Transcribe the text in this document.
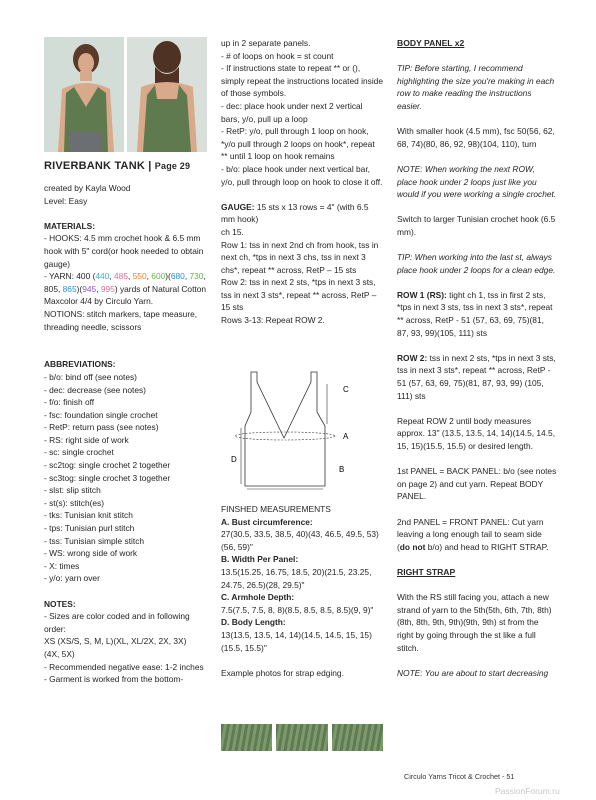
RIVERBANK TANK | Page 29

created by Kayla Wood

Level: Easy

MATERIALS:

- HOOKS: 4.5 mm crochet hook & 6.5 mm hook with 5" cord(or hook needed to obtain gauge)

- YARN: 400 (440, 485, 550, 600)(680, 730, 805, 865)(945, 995) yards of Natural Cotton Maxcolor 4/4 by Circulo Yarn.

NOTIONS: stitch markers, tape measure, threading needle, scissors

ABBREVIATIONS:

- b/o: bind off (see notes)

- dec: decrease (see notes)

- f/o: finish off

- fsc: foundation single crochet

- RetP: return pass (see notes)

- RS: right side of work

- sc: single crochet

- sc2tog: single crochet 2 together

- sc3tog: single crochet 3 together

- slst: slip stitch

- st(s): stitch(es)

- tks: Tunisian knit stitch

- tps: Tunisian purl stitch

- tss: Tunisian simple stitch

- WS: wrong side of work

- X: times

- y/o: yarn over

NOTES:

- Sizes are color coded and in following order:

XS (XS/S, S, M, L)(XL, XL/2X, 2X, 3X)

(4X, 5X)

- Recommended negative ease: 1-2 inches

- Garment is worked from the bottom-

up in 2 separate panels.

- # of loops on hook = st count

- If instructions state to repeat ** or (), simply repeat the instructions located inside of those symbols.

- dec: place hook under next 2 vertical bars, y/o, pull up a loop

- RetP: y/o, pull through 1 loop on hook, *y/o pull through 2 loops on hook*, repeat ** until 1 loop on hook remains

- b/o: place hook under next vertical bar, y/o, pull through loop on hook to close it off.

GAUGE: 15 sts x 13 rows = 4" (with 6.5 mm hook)

ch 15.

Row 1: tss in next 2nd ch from hook, tss in next ch, *tps in next 3 chs, tss in next 3 chs*, repeat ** across, RetP – 15 sts

Row 2: tss in next 2 sts, *tps in next 3 sts, tss in next 3 sts*, repeat ** across, RetP – 15 sts

Rows 3-13: Repeat ROW 2.

C
A
D
B

FINSHED MEASUREMENTS

A. Bust circumference:

27(30.5, 33.5, 38.5, 40)(43, 46.5, 49.5, 53)(56, 59)"

B. Width Per Panel:

13.5(15.25, 16.75, 18.5, 20)(21.5, 23.25, 24.75, 26.5)(28, 29.5)"

C. Armhole Depth:

7.5(7.5, 7.5, 8, 8)(8.5, 8.5, 8.5, 8.5)(9, 9)"

D. Body Length:

13(13.5, 13.5, 14, 14)(14.5, 14.5, 15, 15) (15.5, 15.5)"

Example photos for strap edging.

BODY PANEL x2

TIP: Before starting, I recommend highlighting the size you're making in each row to make reading the instructions easier.

With smaller hook (4.5 mm), fsc 50(56, 62, 68, 74)(80, 86, 92, 98)(104, 110), turn

NOTE: When working the next ROW, place hook under 2 loops just like you would if you were working a single crochet.

Switch to larger Tunisian crochet hook (6.5 mm).

TIP: When working into the last st, always place hook under 2 loops for a clean edge.

ROW 1 (RS): tight ch 1, tss in first 2 sts, *tps in next 3 sts, tss in next 3 sts*, repeat ** across, RetP - 51 (57, 63, 69, 75)(81, 87, 93, 99)(105, 111) sts

ROW 2: tss in next 2 sts, *tps in next 3 sts, tss in next 3 sts*, repeat ** across, RetP - 51 (57, 63, 69, 75)(81, 87, 93, 99) (105, 111) sts

Repeat ROW 2 until body measures approx. 13" (13.5, 13.5, 14, 14)(14.5, 14.5, 15, 15)(15.5, 15.5) or desired length.

1st PANEL = BACK PANEL: b/o (see notes on page 2) and cut yarn. Repeat BODY PANEL.

2nd PANEL = FRONT PANEL: Cut yarn leaving a long enough tail to seam side (do not b/o) and head to RIGHT STRAP.

RIGHT STRAP

With the RS still facing you, attach a new strand of yarn to the 5th(5th, 6th, 7th, 8th)(8th, 8th, 9th, 9th)(9th, 9th) st from the right by going through the st like a full stitch.

NOTE: You are about to start decreasing

Circulo Yarns Tricot & Crochet - 51
PassionForum.ru
